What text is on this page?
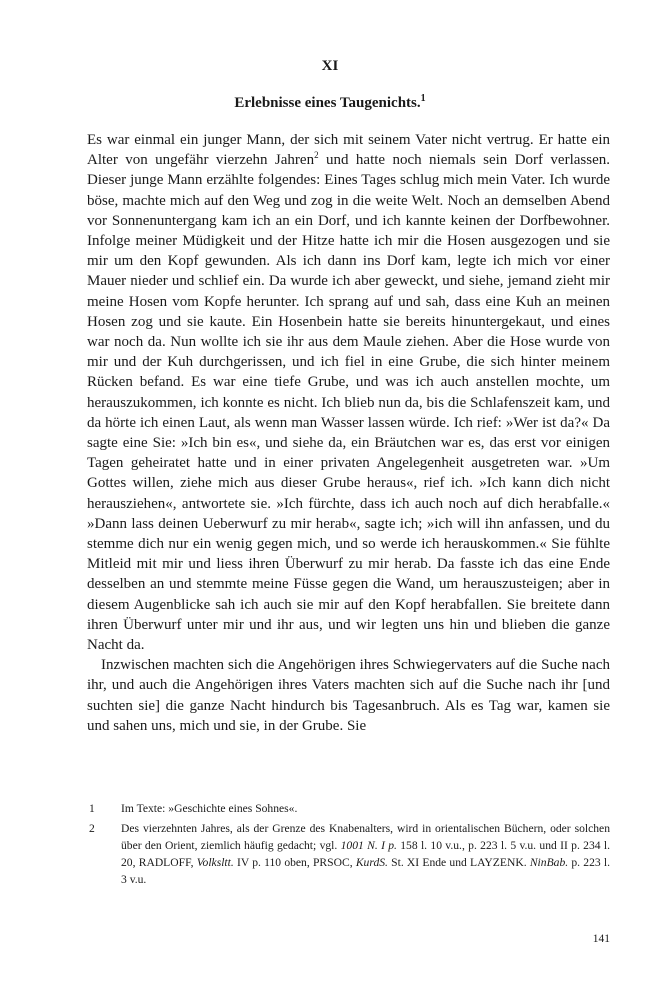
XI
Erlebnisse eines Taugenichts.$^1$

Es war einmal ein junger Mann, der sich mit seinem Vater nicht vertrug. Er hatte ein Alter von ungefähr vierzehn Jahren$^2$ und hatte noch niemals sein Dorf verlassen. Dieser junge Mann erzählte folgendes: Eines Tages schlug mich mein Vater. Ich wurde böse, machte mich auf den Weg und zog in die weite Welt. Noch an demselben Abend vor Sonnenuntergang kam ich an ein Dorf, und ich kannte keinen der Dorfbewohner. Infolge meiner Müdigkeit und der Hitze hatte ich mir die Hosen ausgezogen und sie mir um den Kopf gewunden. Als ich dann ins Dorf kam, legte ich mich vor einer Mauer nieder und schlief ein. Da wurde ich aber geweckt, und siehe, jemand zieht mir meine Hosen vom Kopfe herunter. Ich sprang auf und sah, dass eine Kuh an meinen Hosen zog und sie kaute. Ein Hosenbein hatte sie bereits hinuntergekaut, und eines war noch da. Nun wollte ich sie ihr aus dem Maule ziehen. Aber die Hose wurde von mir und der Kuh durchgerissen, und ich fiel in eine Grube, die sich hinter meinem Rücken befand. Es war eine tiefe Grube, und was ich auch anstellen mochte, um herauszukommen, ich konnte es nicht. Ich blieb nun da, bis die Schlafenszeit kam, und da hörte ich einen Laut, als wenn man Wasser lassen würde. Ich rief: »Wer ist da?« Da sagte eine Sie: »Ich bin es«, und siehe da, ein Bräutchen war es, das erst vor einigen Tagen geheiratet hatte und in einer privaten Angelegenheit ausgetreten war. »Um Gottes willen, ziehe mich aus dieser Grube heraus«, rief ich. »Ich kann dich nicht herausziehen«, antwortete sie. »Ich fürchte, dass ich auch noch auf dich herabfalle.« »Dann lass deinen Ueberwurf zu mir herab«, sagte ich; »ich will ihn anfassen, und du stemme dich nur ein wenig gegen mich, und so werde ich herauskommen.« Sie fühlte Mitleid mit mir und liess ihren Überwurf zu mir herab. Da fasste ich das eine Ende desselben an und stemmte meine Füsse gegen die Wand, um herauszusteigen; aber in diesem Augenblicke sah ich auch sie mir auf den Kopf herabfallen. Sie breitete dann ihren Überwurf unter mir und ihr aus, und wir legten uns hin und blieben die ganze Nacht da.

Inzwischen machten sich die Angehörigen ihres Schwiegervaters auf die Suche nach ihr, und auch die Angehörigen ihres Vaters machten sich auf die Suche nach ihr [und suchten sie] die ganze Nacht hindurch bis Tagesanbruch. Als es Tag war, kamen sie und sahen uns, mich und sie, in der Grube. Sie

1 Im Texte: »Geschichte eines Sohnes«.
2 Des vierzehnten Jahres, als der Grenze des Knabenalters, wird in orientalischen Büchern, oder solchen über den Orient, ziemlich häufig gedacht; vgl. 1001 N. I p. 158 l. 10 v.u., p. 223 l. 5 v.u. und II p. 234 l. 20, RADLOFF, Volksltt. IV p. 110 oben, PRSOC, KurdS. St. XI Ende und LAYZENK. NinBab. p. 223 l. 3 v.u.
141
